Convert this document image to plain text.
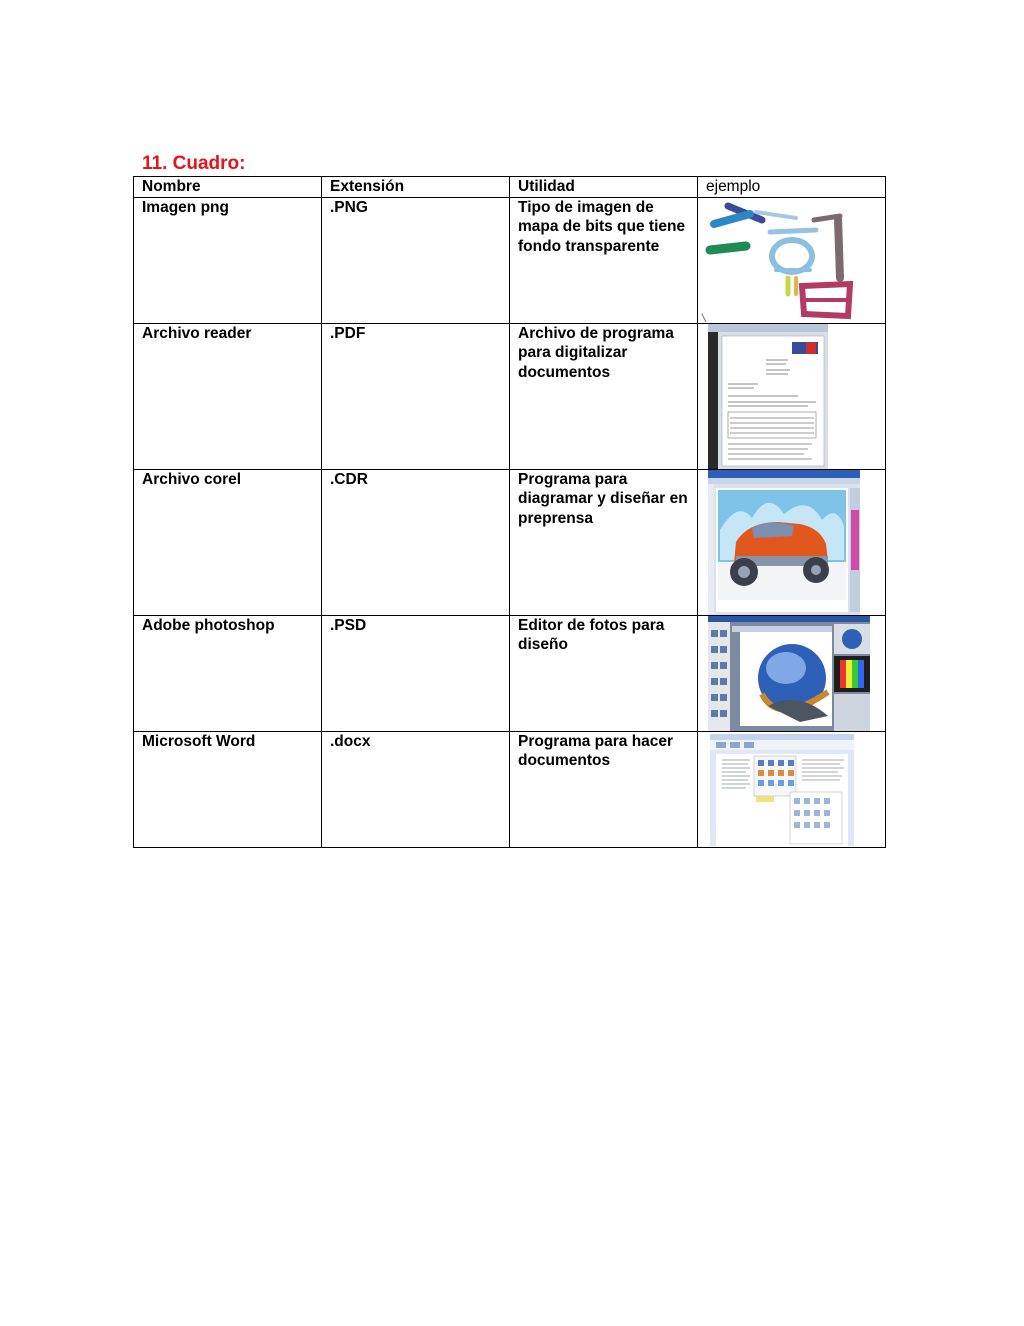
11. Cuadro:
Nombre	Extensión	Utilidad	ejemplo
Imagen png	.PNG	Tipo de imagen de mapa de bits que tiene fondo transparente	

Archivo reader	.PDF	Archivo de programa para digitalizar documentos	

Archivo corel	.CDR	Programa para diagramar y diseñar en preprensa	

Adobe photoshop	.PSD	Editor de fotos para diseño	

Microsoft Word	.docx	Programa para hacer documentos	
